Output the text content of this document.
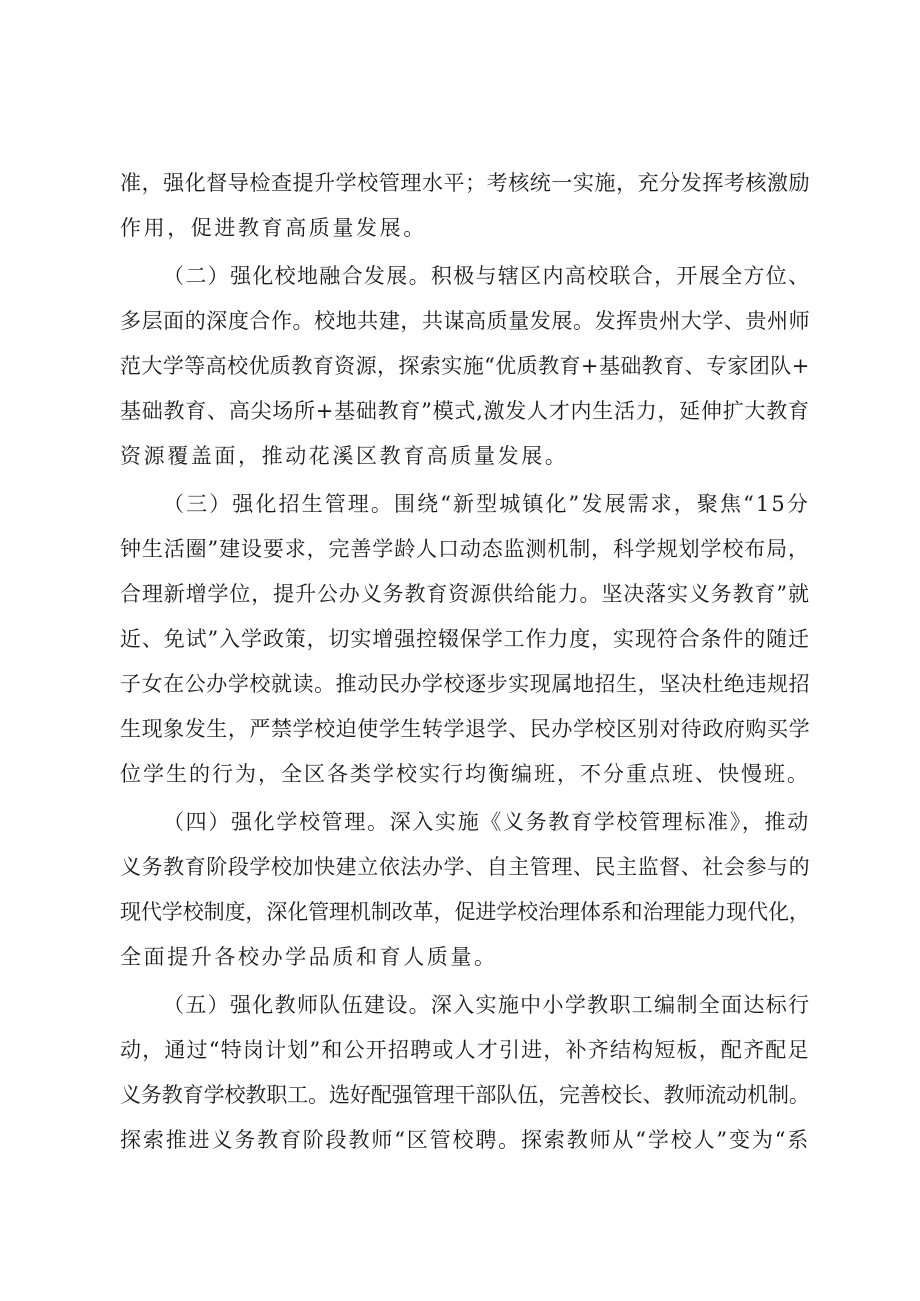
准，强化督导检查提升学校管理水平；考核统一实施，充分发挥考核激励
作用，促进教育高质量发展。
（二）强化校地融合发展。积极与辖区内高校联合，开展全方位、
多层面的深度合作。校地共建，共谋高质量发展。发挥贵州大学、贵州师
范大学等高校优质教育资源，探索实施“优质教育+基础教育、专家团队+
基础教育、高尖场所+基础教育”模式,激发人才内生活力，延伸扩大教育
资源覆盖面，推动花溪区教育高质量发展。
（三）强化招生管理。围绕“新型城镇化”发展需求，聚焦“15分
钟生活圈”建设要求，完善学龄人口动态监测机制，科学规划学校布局，
合理新增学位，提升公办义务教育资源供给能力。坚决落实义务教育”就
近、免试”入学政策，切实增强控辍保学工作力度，实现符合条件的随迁
子女在公办学校就读。推动民办学校逐步实现属地招生，坚决杜绝违规招
生现象发生，严禁学校迫使学生转学退学、民办学校区别对待政府购买学
位学生的行为，全区各类学校实行均衡编班，不分重点班、快慢班。
（四）强化学校管理。深入实施《义务教育学校管理标准》，推动
义务教育阶段学校加快建立依法办学、自主管理、民主监督、社会参与的
现代学校制度，深化管理机制改革，促进学校治理体系和治理能力现代化，
全面提升各校办学品质和育人质量。
（五）强化教师队伍建设。深入实施中小学教职工编制全面达标行
动，通过“特岗计划”和公开招聘或人才引进，补齐结构短板，配齐配足
义务教育学校教职工。选好配强管理干部队伍，完善校长、教师流动机制。
探索推进义务教育阶段教师“区管校聘。探索教师从“学校人”变为“系
